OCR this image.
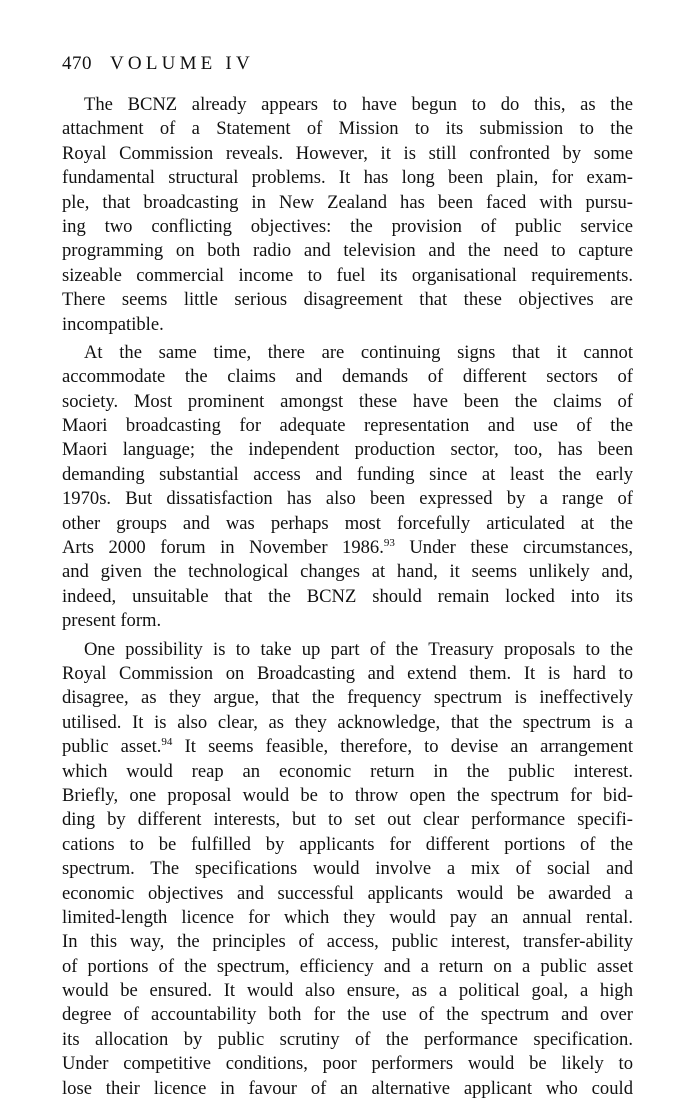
470 VOLUME IV
The BCNZ already appears to have begun to do this, as the
attachment of a Statement of Mission to its submission to the
Royal Commission reveals. However, it is still confronted by some
fundamental structural problems. It has long been plain, for exam-
ple, that broadcasting in New Zealand has been faced with pursu-
ing two conflicting objectives: the provision of public service
programming on both radio and television and the need to capture
sizeable commercial income to fuel its organisational requirements.
There seems little serious disagreement that these objectives are
incompatible.
At the same time, there are continuing signs that it cannot
accommodate the claims and demands of different sectors of
society. Most prominent amongst these have been the claims of
Maori broadcasting for adequate representation and use of the
Maori language; the independent production sector, too, has been
demanding substantial access and funding since at least the early
1970s. But dissatisfaction has also been expressed by a range of
other groups and was perhaps most forcefully articulated at the
Arts 2000 forum in November 1986.93 Under these circumstances,
and given the technological changes at hand, it seems unlikely and,
indeed, unsuitable that the BCNZ should remain locked into its
present form.
One possibility is to take up part of the Treasury proposals to the
Royal Commission on Broadcasting and extend them. It is hard to
disagree, as they argue, that the frequency spectrum is ineffectively
utilised. It is also clear, as they acknowledge, that the spectrum is a
public asset.$^{94}$ It seems feasible, therefore, to devise an arrangement
which would reap an economic return in the public interest.
Briefly, one proposal would be to throw open the spectrum for bid-
ding by different interests, but to set out clear performance specifi-
cations to be fulfilled by applicants for different portions of the
spectrum. The specifications would involve a mix of social and
economic objectives and successful applicants would be awarded a
limited-length licence for which they would pay an annual rental.
In this way, the principles of access, public interest, transfer-ability
of portions of the spectrum, efficiency and a return on a public asset
would be ensured. It would also ensure, as a political goal, a high
degree of accountability both for the use of the spectrum and over
its allocation by public scrutiny of the performance specification.
Under competitive conditions, poor performers would be likely to
lose their licence in favour of an alternative applicant who could
